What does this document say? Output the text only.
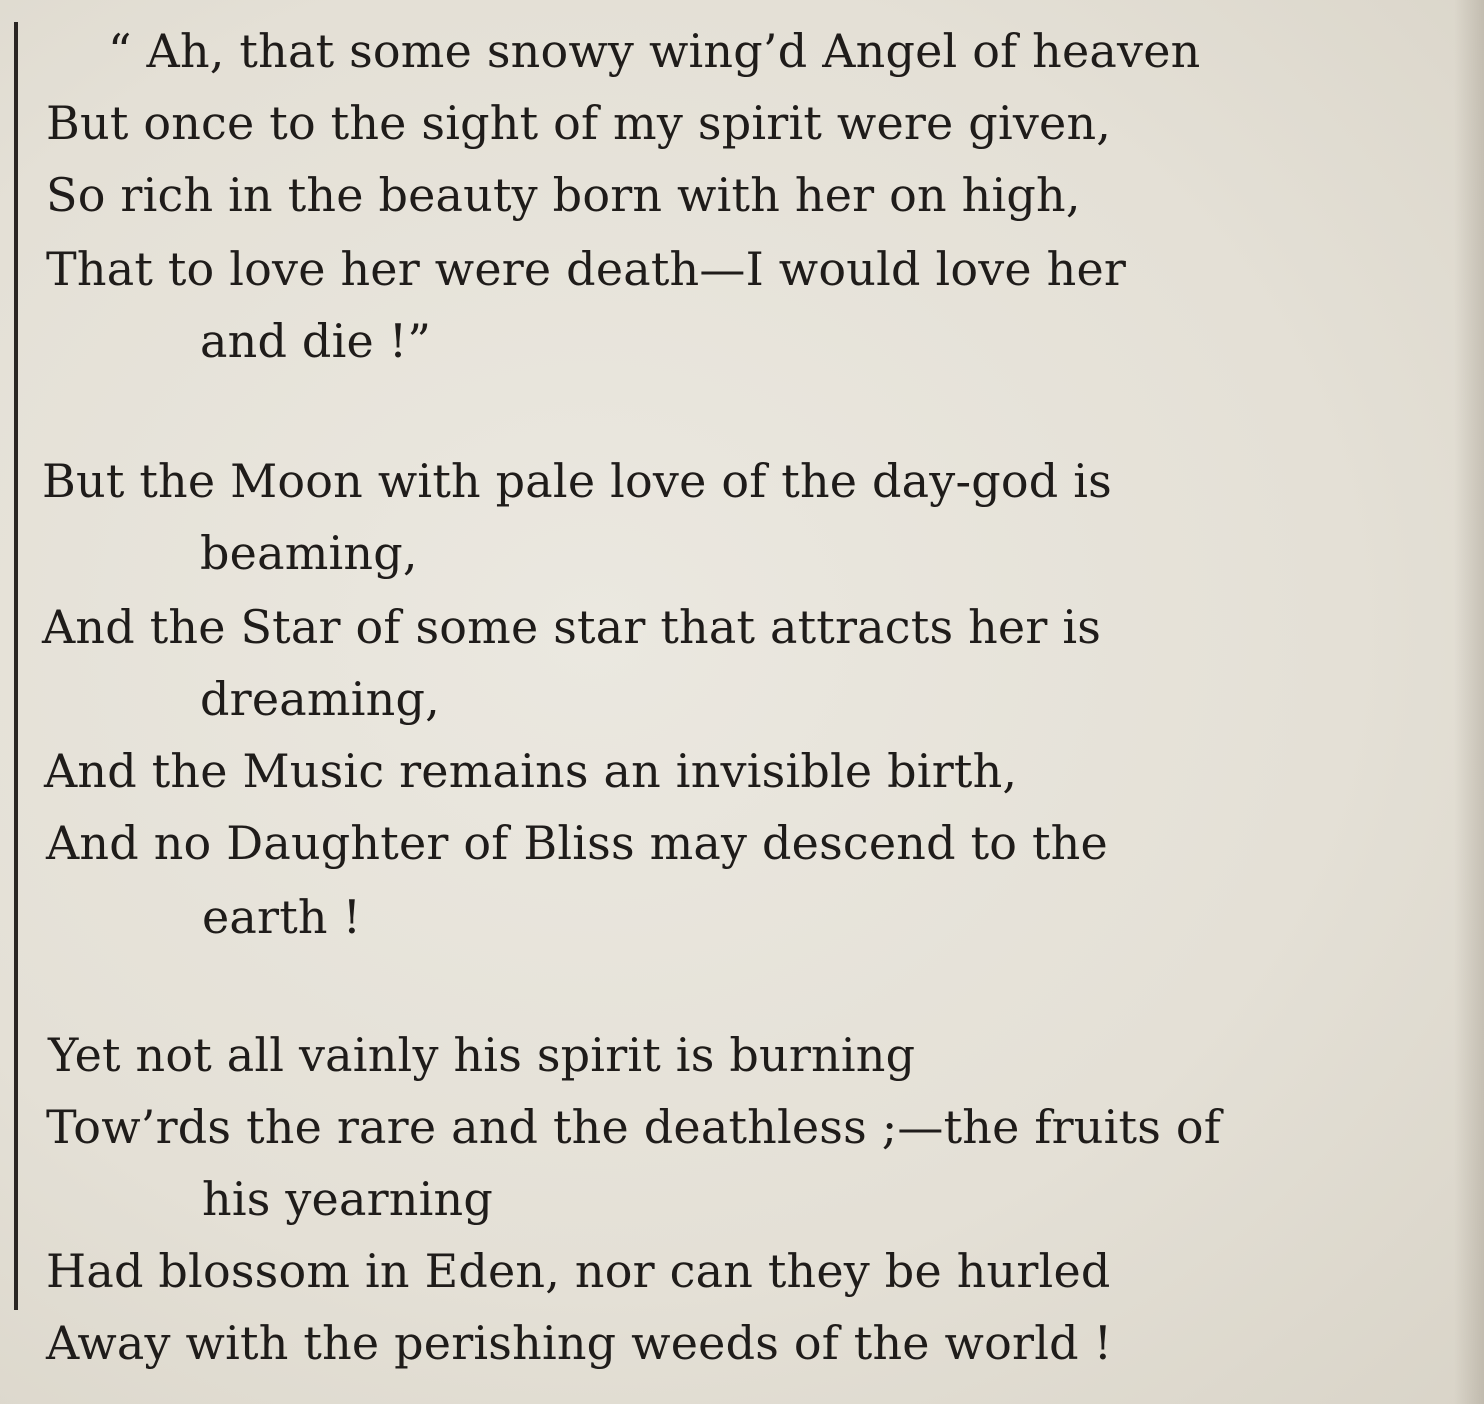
“ Ah, that some snowy wing’d Angel of heaven
But once to the sight of my spirit were given,
So rich in the beauty born with her on high,
That to love her were death—I would love her
and die !”
But the Moon with pale love of the day-god is
beaming,
And the Star of some star that attracts her is
dreaming,
And the Music remains an invisible birth,
And no Daughter of Bliss may descend to the
earth !
Yet not all vainly his spirit is burning
Tow’rds the rare and the deathless ;—the fruits of
his yearning
Had blossom in Eden, nor can they be hurled
Away with the perishing weeds of the world !
